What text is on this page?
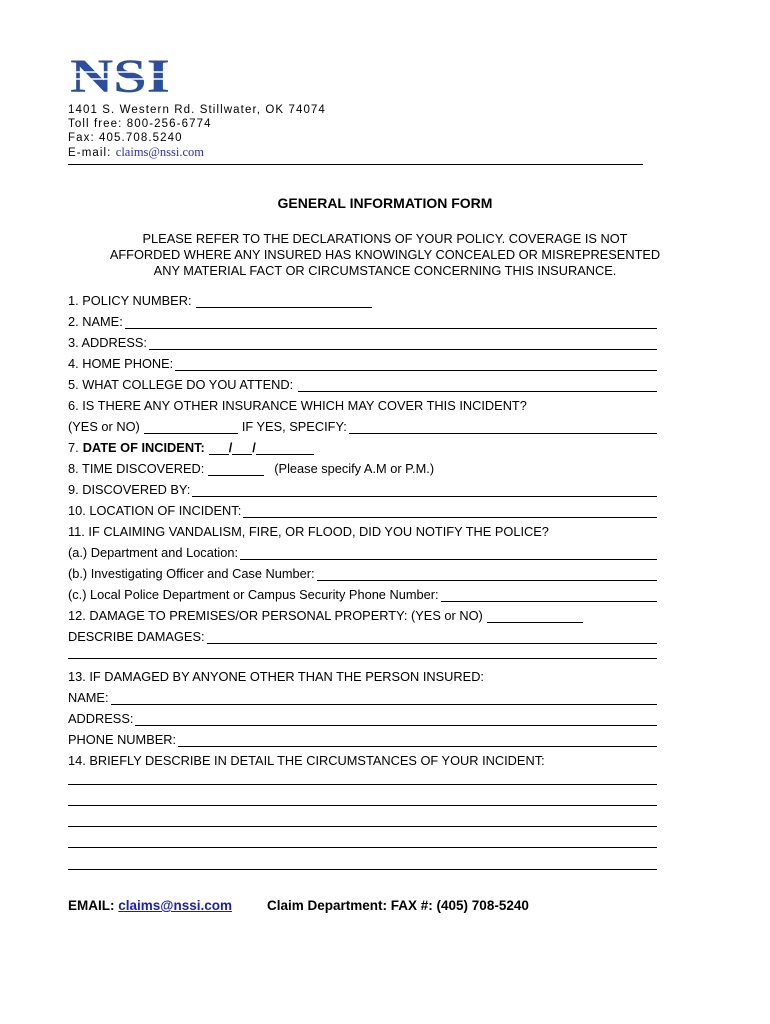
NSI
1401 S. Western Rd. Stillwater, OK 74074
Toll free: 800-256-6774
Fax: 405.708.5240
E-mail: claims@nssi.com
GENERAL INFORMATION FORM
PLEASE REFER TO THE DECLARATIONS OF YOUR POLICY. COVERAGE IS NOT
AFFORDED WHERE ANY INSURED HAS KNOWINGLY CONCEALED OR MISREPRESENTED
ANY MATERIAL FACT OR CIRCUMSTANCE CONCERNING THIS INSURANCE.
1. POLICY NUMBER:
2. NAME:
3. ADDRESS:
4. HOME PHONE:
5. WHAT COLLEGE DO YOU ATTEND:
6. IS THERE ANY OTHER INSURANCE WHICH MAY COVER THIS INCIDENT?
(YES or NO)	IF YES, SPECIFY:
7. DATE OF INCIDENT: / /
8. TIME DISCOVERED:	(Please specify A.M or P.M.)
9. DISCOVERED BY:
10. LOCATION OF INCIDENT:
11. IF CLAIMING VANDALISM, FIRE, OR FLOOD, DID YOU NOTIFY THE POLICE?
(a.) Department and Location:
(b.) Investigating Officer and Case Number:
(c.) Local Police Department or Campus Security Phone Number:
12. DAMAGE TO PREMISES/OR PERSONAL PROPERTY: (YES or NO)
DESCRIBE DAMAGES:
13. IF DAMAGED BY ANYONE OTHER THAN THE PERSON INSURED:
NAME:
ADDRESS:
PHONE NUMBER:
14. BRIEFLY DESCRIBE IN DETAIL THE CIRCUMSTANCES OF YOUR INCIDENT:
EMAIL: claims@nssi.com	Claim Department: FAX #: (405) 708-5240
